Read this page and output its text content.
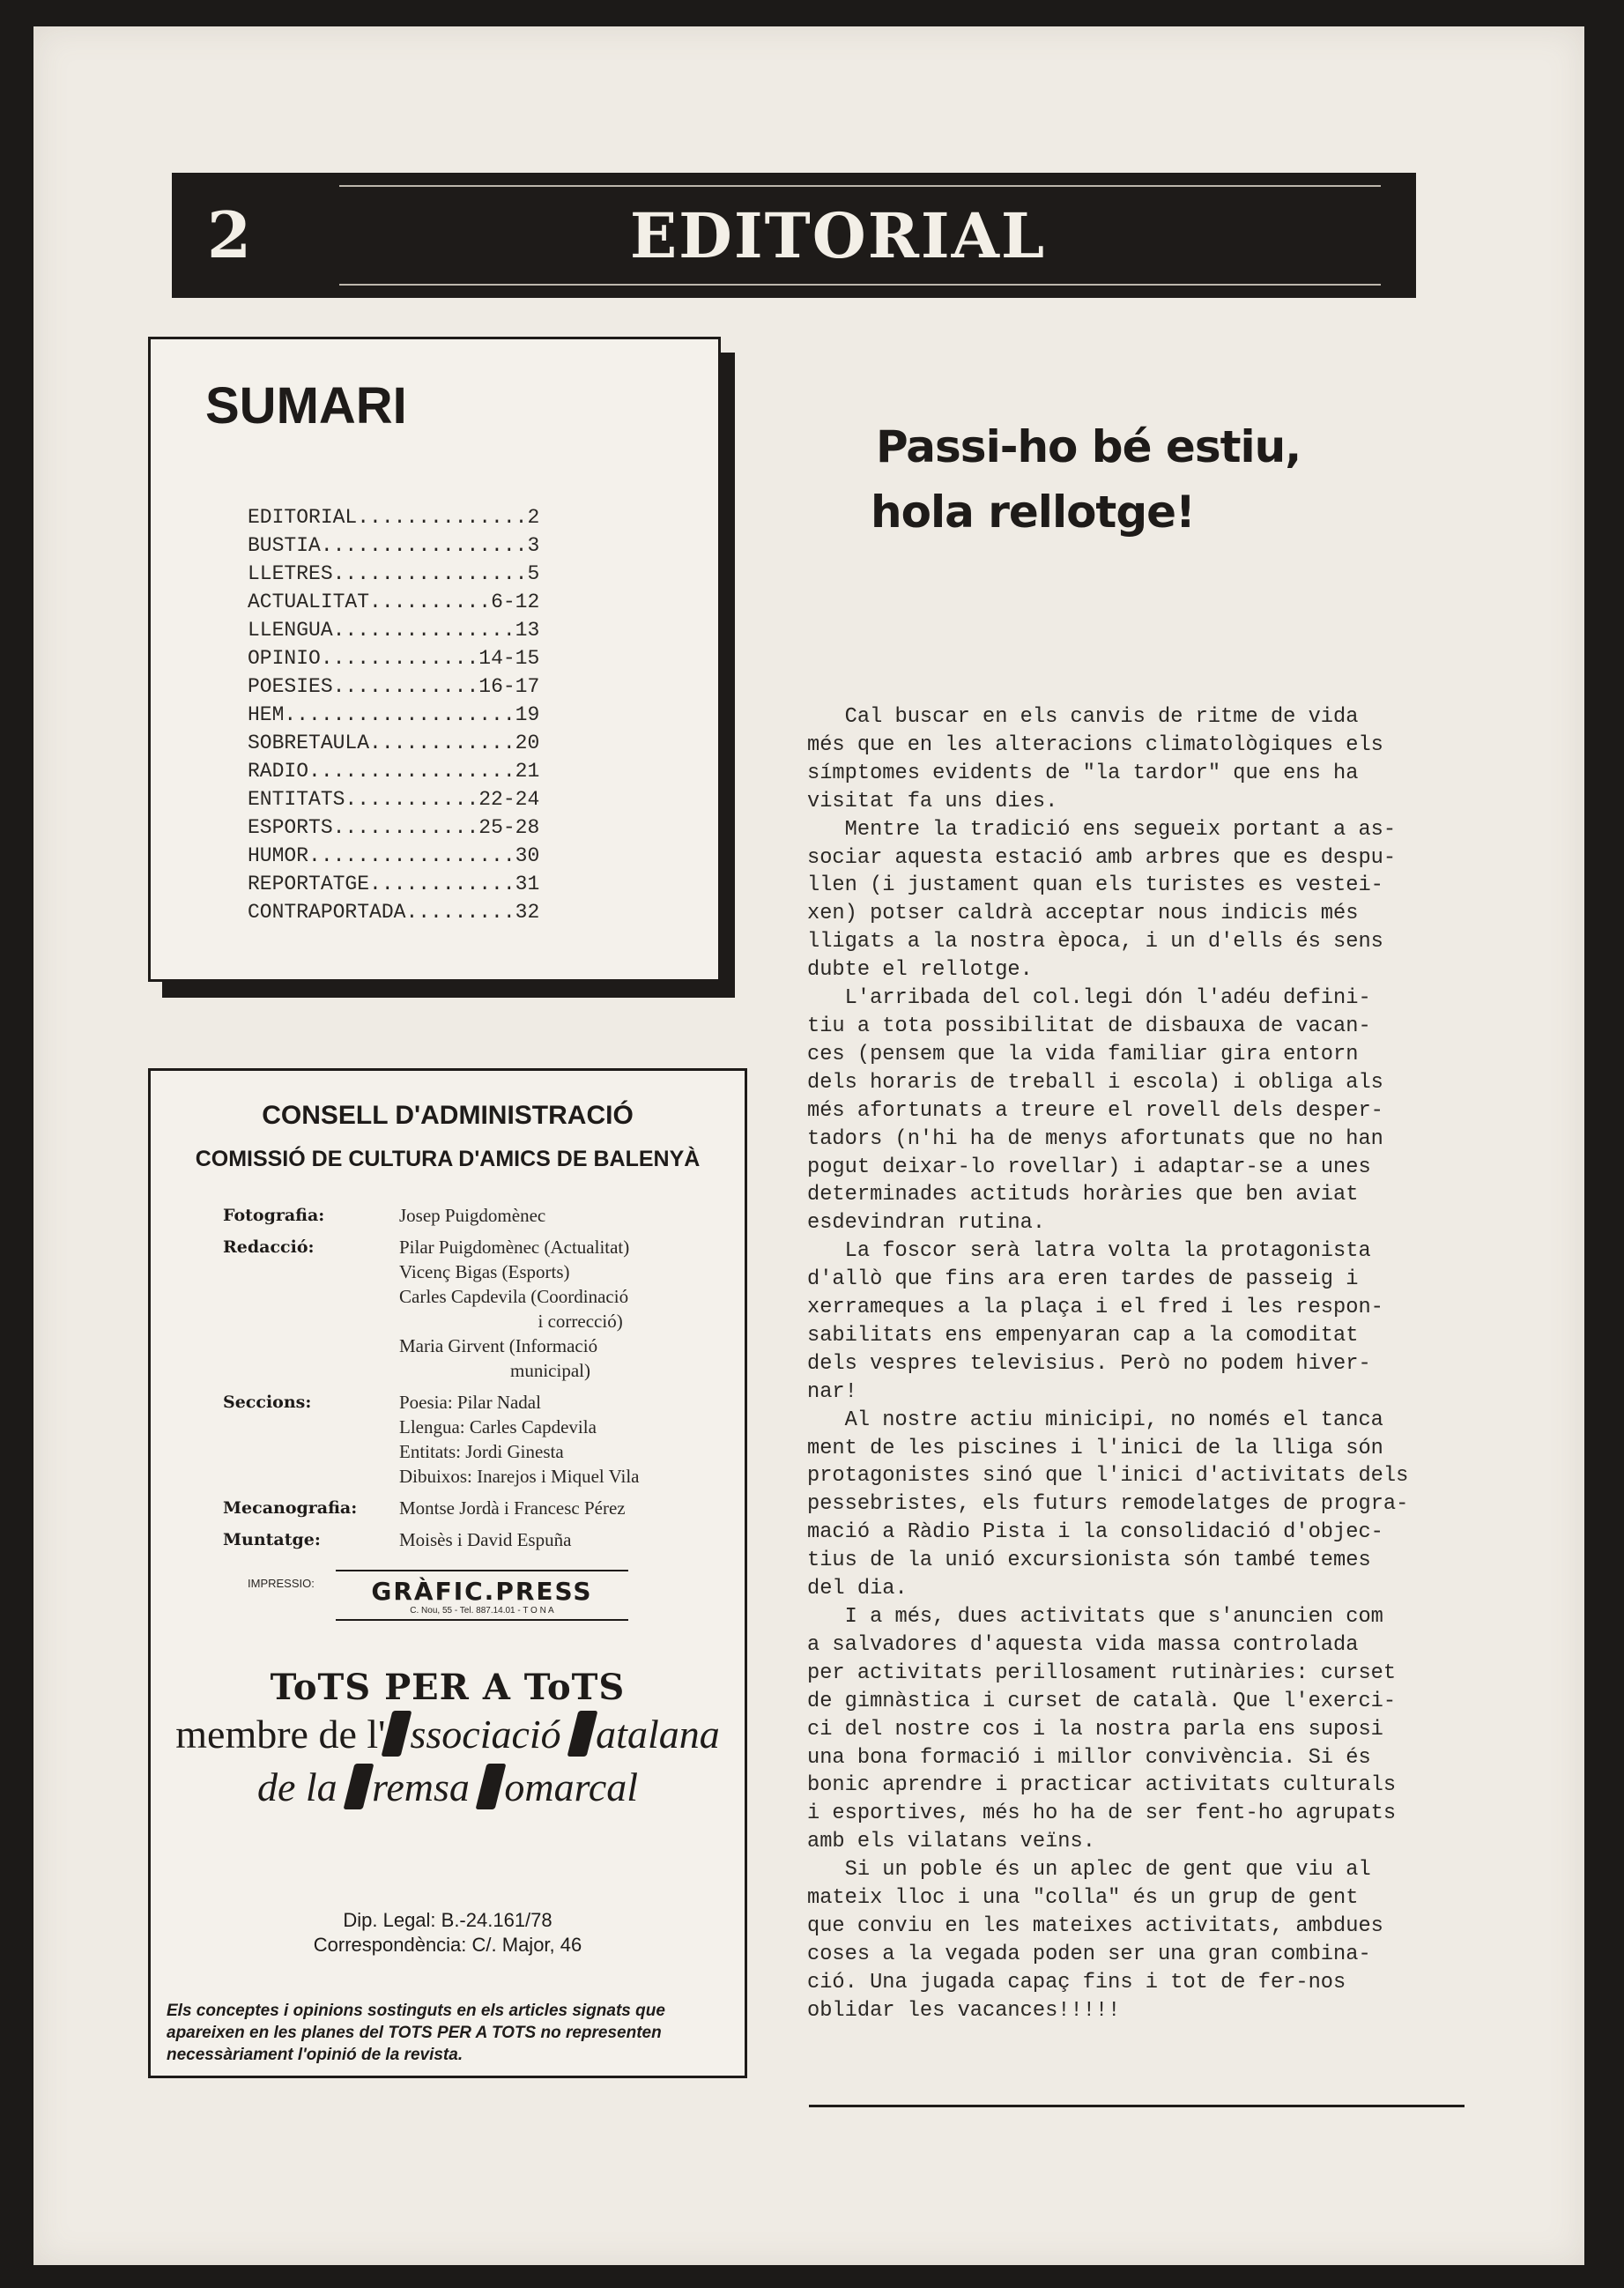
2	EDITORIAL
SUMARI
EDITORIAL..............2
BUSTIA.................3
LLETRES................5
ACTUALITAT..........6-12
LLENGUA...............13
OPINIO.............14-15
POESIES............16-17
HEM...................19
SOBRETAULA............20
RADIO.................21
ENTITATS...........22-24
ESPORTS............25-28
HUMOR.................30
REPORTATGE............31
CONTRAPORTADA.........32
CONSELL D'ADMINISTRACIÓ
COMISSIÓ DE CULTURA D'AMICS DE BALENYÀ
Fotografia:	Josep Puigdomènec
Redacció:	Pilar Puigdomènec (Actualitat)
Vicenç Bigas (Esports)
Carles Capdevila (Coordinació
i correcció)
Maria Girvent (Informació
municipal)
Seccions:	Poesia: Pilar Nadal
Llengua: Carles Capdevila
Entitats: Jordi Ginesta
Dibuixos: Inarejos i Miquel Vila
Mecanografia:	Montse Jordà i Francesc Pérez
Muntatge:	Moisès i David Espuña
IMPRESSIO:	GRÀFIC.PRESS
C. Nou, 55 - Tel. 887.14.01 - T O N A
ToTS PER A ToTS
membre de l' ssociació atalana
de la remsa omarcal
Dip. Legal: B.-24.161/78
Correspondència: C/. Major, 46
Els conceptes i opinions sostinguts en els articles signats que apareixen en les planes del TOTS PER A TOTS no representen necessàriament l'opinió de la revista.
Passi-ho bé estiu,
hola rellotge!
Cal buscar en els canvis de ritme de vida
més que en les alteracions climatològiques els
símptomes evidents de "la tardor" que ens ha
visitat fa uns dies.
Mentre la tradició ens segueix portant a as-
sociar aquesta estació amb arbres que es despu-
llen (i justament quan els turistes es vestei-
xen) potser caldrà acceptar nous indicis més
lligats a la nostra època, i un d'ells és sens
dubte el rellotge.
L'arribada del col.legi dón l'adéu defini-
tiu a tota possibilitat de disbauxa de vacan-
ces (pensem que la vida familiar gira entorn
dels horaris de treball i escola) i obliga als
més afortunats a treure el rovell dels desper-
tadors (n'hi ha de menys afortunats que no han
pogut deixar-lo rovellar) i adaptar-se a unes
determinades actituds horàries que ben aviat
esdevindran rutina.
La foscor serà latra volta la protagonista
d'allò que fins ara eren tardes de passeig i
xerrameques a la plaça i el fred i les respon-
sabilitats ens empenyaran cap a la comoditat
dels vespres televisius. Però no podem hiver-
nar!
Al nostre actiu minicipi, no només el tanca
ment de les piscines i l'inici de la lliga són
protagonistes sinó que l'inici d'activitats dels
pessebristes, els futurs remodelatges de progra-
mació a Ràdio Pista i la consolidació d'objec-
tius de la unió excursionista són també temes
del dia.
I a més, dues activitats que s'anuncien com
a salvadores d'aquesta vida massa controlada
per activitats perillosament rutinàries: curset
de gimnàstica i curset de català. Que l'exerci-
ci del nostre cos i la nostra parla ens suposi
una bona formació i millor convivència. Si és
bonic aprendre i practicar activitats culturals
i esportives, més ho ha de ser fent-ho agrupats
amb els vilatans veïns.
Si un poble és un aplec de gent que viu al
mateix lloc i una "colla" és un grup de gent
que conviu en les mateixes activitats, ambdues
coses a la vegada poden ser una gran combina-
ció. Una jugada capaç fins i tot de fer-nos
oblidar les vacances!!!!!
